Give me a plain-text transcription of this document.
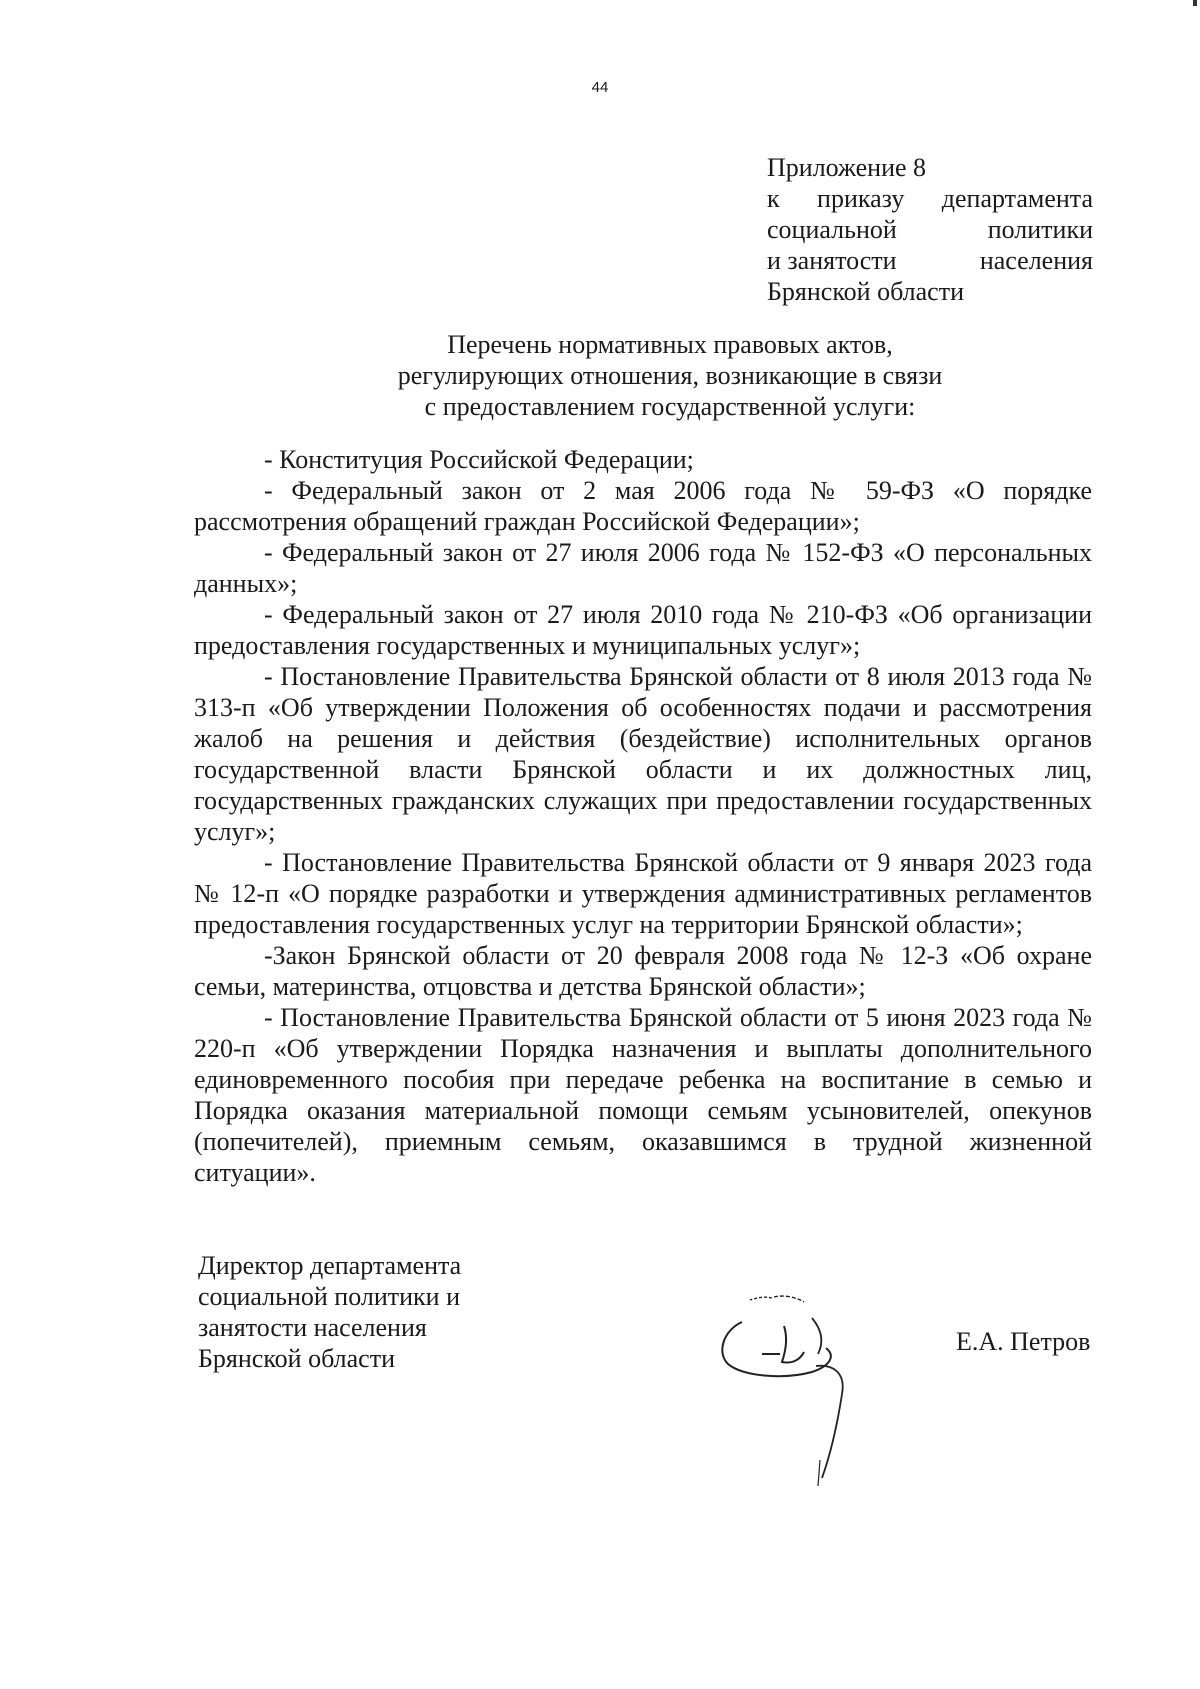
44
Приложение 8
к приказу департамента
социальной	политики
и занятости	населения
Брянской области
Перечень нормативных правовых актов,
регулирующих отношения, возникающие в связи
с предоставлением государственной услуги:

- Конституция Российской Федерации;

- Федеральный закон от 2 мая 2006 года № 59-ФЗ «О порядке рассмотрения обращений граждан Российской Федерации»;

- Федеральный закон от 27 июля 2006 года № 152-ФЗ «О персональных данных»;

- Федеральный закон от 27 июля 2010 года № 210-ФЗ «Об организации предоставления государственных и муниципальных услуг»;

- Постановление Правительства Брянской области от 8 июля 2013 года № 313-п «Об утверждении Положения об особенностях подачи и рассмотрения жалоб на решения и действия (бездействие) исполнительных органов государственной власти Брянской области и их должностных лиц, государственных гражданских служащих при предоставлении государственных услуг»;

- Постановление Правительства Брянской области от 9 января 2023 года № 12-п «О порядке разработки и утверждения административных регламентов предоставления государственных услуг на территории Брянской области»;

-Закон Брянской области от 20 февраля 2008 года № 12-З «Об охране семьи, материнства, отцовства и детства Брянской области»;

- Постановление Правительства Брянской области от 5 июня 2023 года № 220-п «Об утверждении Порядка назначения и выплаты дополнительного единовременного пособия при передаче ребенка на воспитание в семью и Порядка оказания материальной помощи семьям усыновителей, опекунов (попечителей), приемным семьям, оказавшимся в трудной жизненной ситуации».

Директор департамента
социальной политики и
занятости населения
Брянской области
Е.А. Петров
